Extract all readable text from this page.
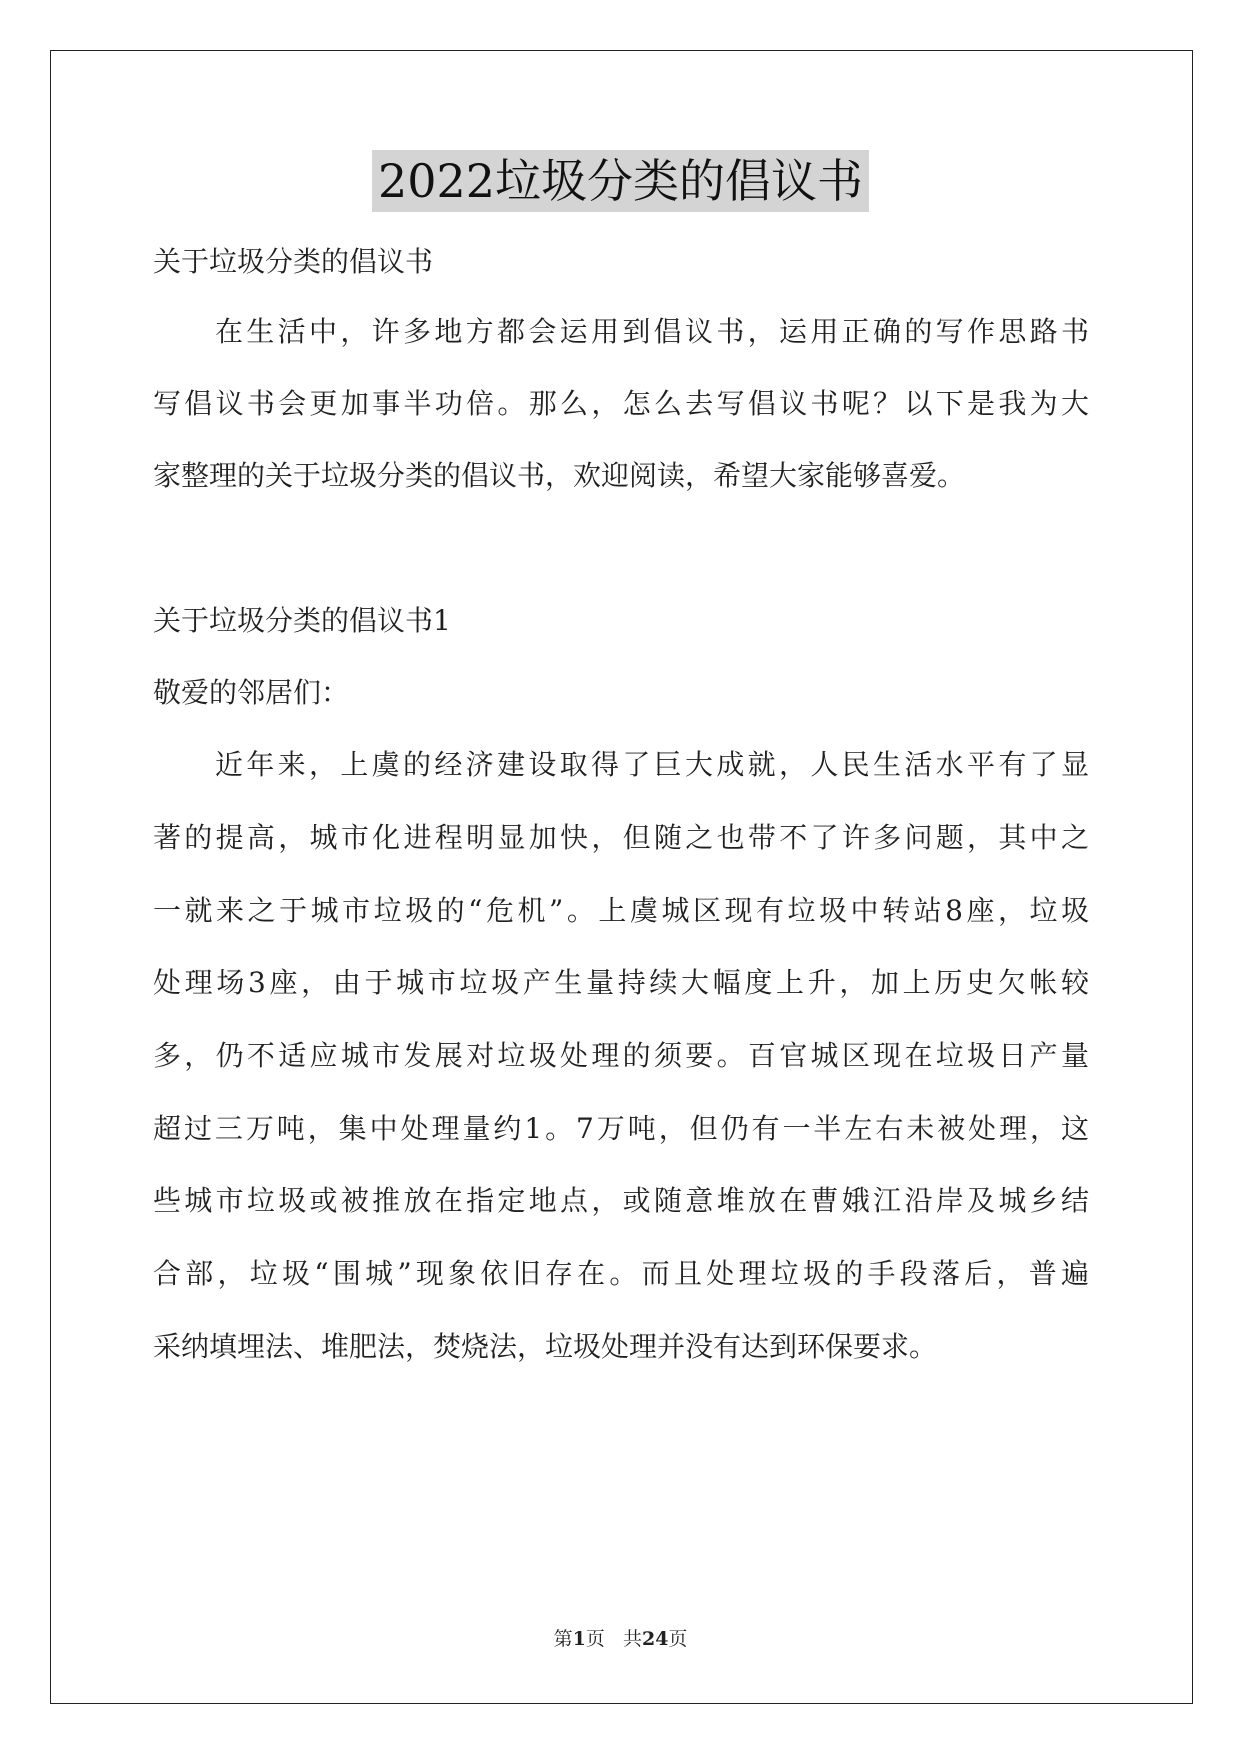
2022垃圾分类的倡议书
关于垃圾分类的倡议书
在生活中，许多地方都会运用到倡议书，运用正确的写作思路书
写倡议书会更加事半功倍。那么，怎么去写倡议书呢？以下是我为大
家整理的关于垃圾分类的倡议书，欢迎阅读，希望大家能够喜爱。
关于垃圾分类的倡议书1
敬爱的邻居们：
近年来，上虞的经济建设取得了巨大成就，人民生活水平有了显
著的提高，城市化进程明显加快，但随之也带不了许多问题，其中之
一就来之于城市垃圾的“危机”。上虞城区现有垃圾中转站8座，垃圾
处理场3座，由于城市垃圾产生量持续大幅度上升，加上历史欠帐较
多，仍不适应城市发展对垃圾处理的须要。百官城区现在垃圾日产量
超过三万吨，集中处理量约1。7万吨，但仍有一半左右未被处理，这
些城市垃圾或被推放在指定地点，或随意堆放在曹娥江沿岸及城乡结
合部，垃圾“围城”现象依旧存在。而且处理垃圾的手段落后，普遍
采纳填埋法、堆肥法，焚烧法，垃圾处理并没有达到环保要求。
第1页 共24页
